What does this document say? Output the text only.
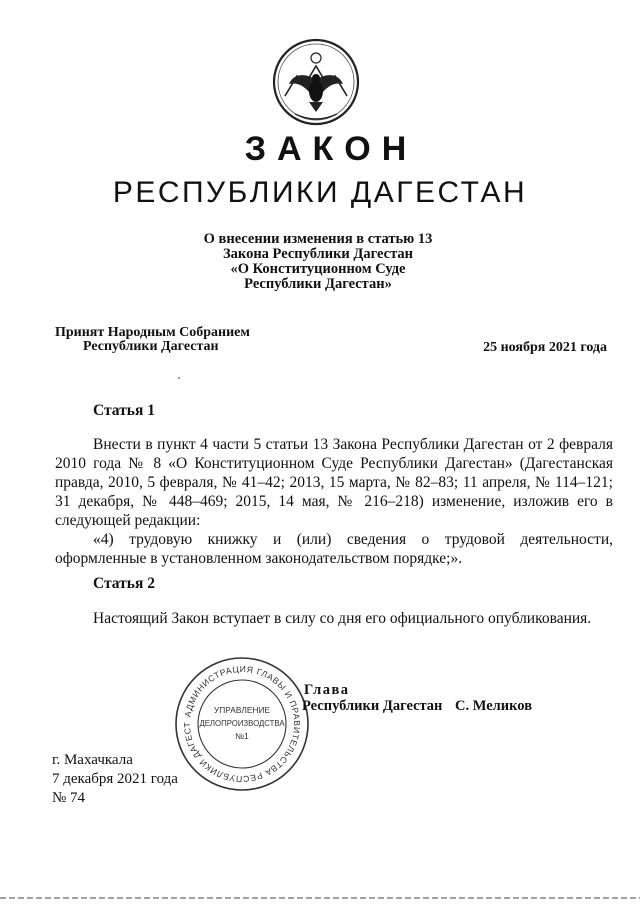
ЗАКОН
РЕСПУБЛИКИ ДАГЕСТАН
О внесении изменения в статью 13
Закона Республики Дагестан
«О Конституционном Суде
Республики Дагестан»
Принят Народным Собранием
Республики Дагестан	25 ноября 2021 года
Статья 1

Внести в пункт 4 части 5 статьи 13 Закона Республики Дагестан от 2 февраля 2010 года № 8 «О Конституционном Суде Республики Дагестан» (Дагестанская правда, 2010, 5 февраля, № 41–42; 2013, 15 марта, № 82–83; 11 апреля, № 114–121; 31 декабря, № 448–469; 2015, 14 мая, № 216–218) изменение, изложив его в следующей редакции:

«4) трудовую книжку и (или) сведения о трудовой деятельности, оформленные в установленном законодательством порядке;».

Статья 2

Настоящий Закон вступает в силу со дня его официального опубликования.

АДМИНИСТРАЦИЯ ГЛАВЫ И ПРАВИТЕЛЬСТВА РЕСПУБЛИКИ ДАГЕСТ
УПРАВЛЕНИЕ
ДЕЛОПРОИЗВОДСТВА
№1
Глава
Республики Дагестан С. Меликов
г. Махачкала
7 декабря 2021 года
№ 74
